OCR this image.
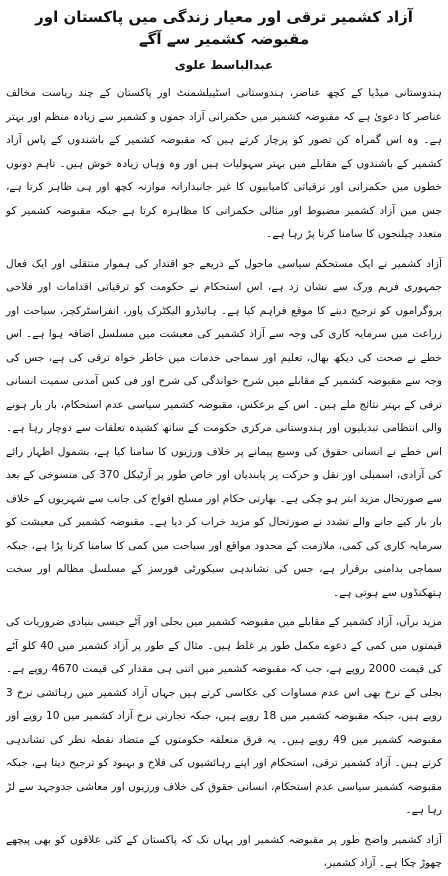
آزاد کشمیر ترقی اور معیار زندگی میں پاکستان اور مقبوضہ کشمیر سے آگے
عبدالباسط علوی

ہندوستانی میڈیا کے کچھ عناصر، ہندوستانی اسٹیبلشمنٹ اور پاکستان کے چند ریاست مخالف عناصر کا دعویٰ ہے کہ مقبوضہ کشمیر میں حکمرانی آزاد جموں و کشمیر سے زیادہ منظم اور بہتر ہے۔ وہ اس گمراہ کن تصور کو پرچار کرتے ہیں کہ مقبوضہ کشمیر کے باشندوں کے پاس آزاد کشمیر کے باشندوں کے مقابلے میں بہتر سہولیات ہیں اور وہ وہاں زیادہ خوش ہیں۔ تاہم دونوں خطوں میں حکمرانی اور ترقیاتی کامیابیوں کا غیر جانبدارانہ موازنہ کچھ اور ہی ظاہر کرتا ہے، جس میں آزاد کشمیر مضبوط اور مثالی حکمرانی کا مظاہرہ کرتا ہے جبکہ مقبوضہ کشمیر کو متعدد چیلنجوں کا سامنا کرنا پڑ رہا ہے۔

آزاد کشمیر نے ایک مستحکم سیاسی ماحول کے ذریعے جو اقتدار کی ہموار منتقلی اور ایک فعال جمہوری فریم ورک سے نشان زد ہے، اس استحکام نے حکومت کو ترقیاتی اقدامات اور فلاحی پروگراموں کو ترجیح دینے کا موقع فراہم کیا ہے۔ ہائیڈرو الیکٹرک پاور، انفراسٹرکچر، سیاحت اور زراعت میں سرمایہ کاری کی وجہ سے آزاد کشمیر کی معیشت میں مسلسل اضافہ ہوا ہے۔ اس خطے نے صحت کی دیکھ بھال، تعلیم اور سماجی خدمات میں خاطر خواہ ترقی کی ہے، جس کی وجہ سے مقبوضہ کشمیر کے مقابلے میں شرح خواندگی کی شرح اور فی کس آمدنی سمیت انسانی ترقی کے بہتر نتائج ملے ہیں۔ اس کے برعکس، مقبوضہ کشمیر سیاسی عدم استحکام، بار بار ہونے والی انتظامی تبدیلیوں اور ہندوستانی مرکزی حکومت کے ساتھ کشیدہ تعلقات سے دوچار رہا ہے۔ اس خطے نے انسانی حقوق کی وسیع پیمانے پر خلاف ورزیوں کا سامنا کیا ہے، بشمول اظہار رائے کی آزادی، اسمبلی اور نقل و حرکت پر پابندیاں اور خاص طور پر آرٹیکل 370 کی منسوخی کے بعد سے صورتحال مزید ابتر ہو چکی ہے۔ بھارتی حکام اور مسلح افواج کی جانب سے شہریوں کے خلاف بار بار کیے جانے والے تشدد نے صورتحال کو مزید خراب کر دیا ہے۔ مقبوضہ کشمیر کی معیشت کو سرمایہ کاری کی کمی، ملازمت کے محدود مواقع اور سیاحت میں کمی کا سامنا کرنا پڑا ہے، جبکہ سماجی بدامنی برقرار ہے، جس کی نشاندہی سیکورٹی فورسز کے مسلسل مظالم اور سخت ہتھکنڈوں سے ہوتی ہے۔

مزید برآں، آزاد کشمیر کے مقابلے میں مقبوضہ کشمیر میں بجلی اور آٹے جیسی بنیادی ضروریات کی قیمتوں میں کمی کے دعوے مکمل طور پر غلط ہیں۔ مثال کے طور پر آزاد کشمیر میں 40 کلو آٹے کی قیمت 2000 روپے ہے، جب کہ مقبوضہ کشمیر میں اتنی ہی مقدار کی قیمت 4670 روپے ہے۔ بجلی کے نرخ بھی اس عدم مساوات کی عکاسی کرتے ہیں جہاں آزاد کشمیر میں رہائشی نرخ 3 روپے ہیں، جبکہ مقبوضہ کشمیر میں 18 روپے ہیں، جبکہ تجارتی نرخ آزاد کشمیر میں 10 روپے اور مقبوضہ کشمیر میں 49 روپے ہیں۔ یہ فرق متعلقہ حکومتوں کے متضاد نقطہ نظر کی نشاندہی کرتے ہیں۔ آزاد کشمیر ترقی، استحکام اور اپنے رہائشیوں کی فلاح و بہبود کو ترجیح دیتا ہے، جبکہ مقبوضہ کشمیر سیاسی عدم استحکام، انسانی حقوق کی خلاف ورزیوں اور معاشی جدوجہد سے لڑ رہا ہے۔

آزاد کشمیر واضح طور پر مقبوضہ کشمیر اور یہاں تک کہ پاکستان کے کئی علاقوں کو بھی پیچھے چھوڑ چکا ہے۔ آزاد کشمیر،
